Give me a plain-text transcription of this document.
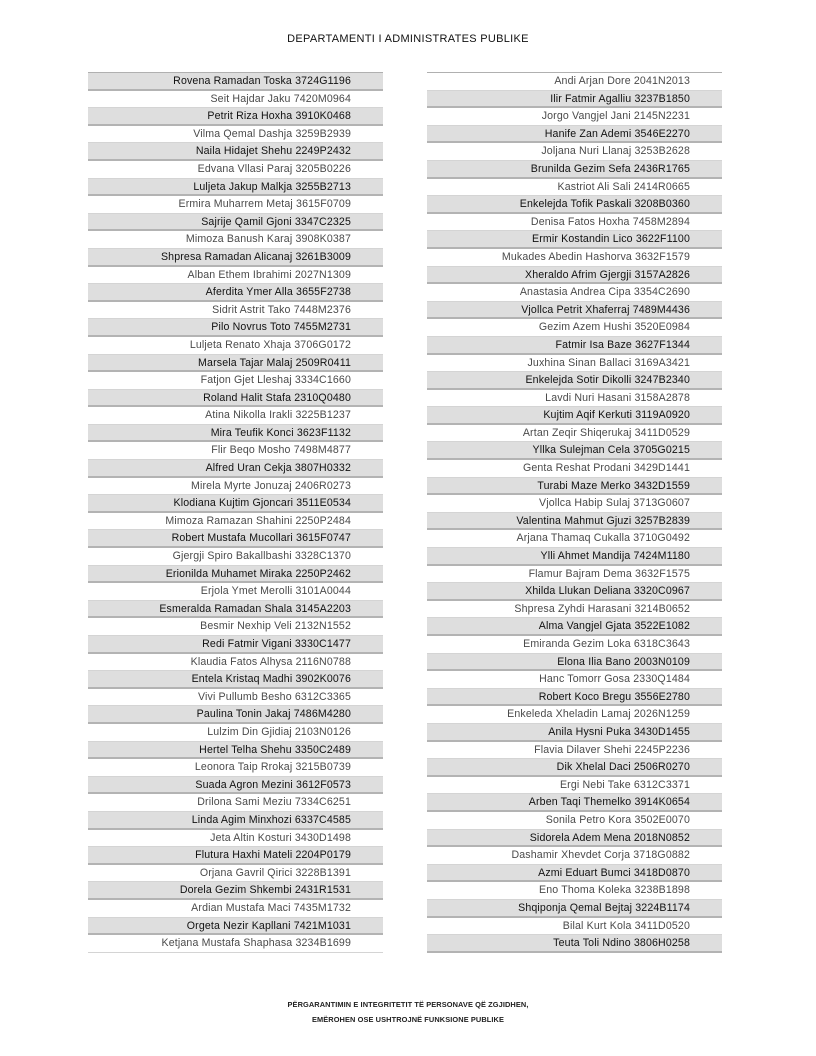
DEPARTAMENTI I ADMINISTRATES PUBLIKE
Rovena Ramadan Toska 3724G1196
Seit Hajdar Jaku 7420M0964
Petrit Riza Hoxha 3910K0468
Vilma Qemal Dashja 3259B2939
Naila Hidajet Shehu 2249P2432
Edvana Vllasi Paraj 3205B0226
Luljeta Jakup Malkja 3255B2713
Ermira Muharrem Metaj 3615F0709
Sajrije Qamil Gjoni 3347C2325
Mimoza Banush Karaj 3908K0387
Shpresa Ramadan Alicanaj 3261B3009
Alban Ethem Ibrahimi 2027N1309
Aferdita Ymer Alla 3655F2738
Sidrit Astrit Tako 7448M2376
Pilo Novrus Toto 7455M2731
Luljeta Renato Xhaja 3706G0172
Marsela Tajar Malaj 2509R0411
Fatjon Gjet Lleshaj 3334C1660
Roland Halit Stafa 2310Q0480
Atina Nikolla Irakli 3225B1237
Mira Teufik Konci 3623F1132
Flir Beqo Mosho 7498M4877
Alfred Uran Cekja 3807H0332
Mirela Myrte Jonuzaj 2406R0273
Klodiana Kujtim Gjoncari 3511E0534
Mimoza Ramazan Shahini 2250P2484
Robert Mustafa Mucollari 3615F0747
Gjergji Spiro Bakallbashi 3328C1370
Erionilda Muhamet Miraka 2250P2462
Erjola Ymet Merolli 3101A0044
Esmeralda Ramadan Shala 3145A2203
Besmir Nexhip Veli 2132N1552
Redi Fatmir Vigani 3330C1477
Klaudia Fatos Alhysa 2116N0788
Entela Kristaq Madhi 3902K0076
Vivi Pullumb Besho 6312C3365
Paulina Tonin Jakaj 7486M4280
Lulzim Din Gjidiaj 2103N0126
Hertel Telha Shehu 3350C2489
Leonora Taip Rrokaj 3215B0739
Suada Agron Mezini 3612F0573
Drilona Sami Meziu 7334C6251
Linda Agim Minxhozi 6337C4585
Jeta Altin Kosturi 3430D1498
Flutura Haxhi Mateli 2204P0179
Orjana Gavril Qirici 3228B1391
Dorela Gezim Shkembi 2431R1531
Ardian Mustafa Maci 7435M1732
Orgeta Nezir Kapllani 7421M1031
Ketjana Mustafa Shaphasa 3234B1699
Andi Arjan Dore 2041N2013
Ilir Fatmir Agalliu 3237B1850
Jorgo Vangjel Jani 2145N2231
Hanife Zan Ademi 3546E2270
Joljana Nuri Llanaj 3253B2628
Brunilda Gezim Sefa 2436R1765
Kastriot Ali Sali 2414R0665
Enkelejda Tofik Paskali 3208B0360
Denisa Fatos Hoxha 7458M2894
Ermir Kostandin Lico 3622F1100
Mukades Abedin Hashorva 3632F1579
Xheraldo Afrim Gjergji 3157A2826
Anastasia Andrea Cipa 3354C2690
Vjollca Petrit Xhaferraj 7489M4436
Gezim Azem Hushi 3520E0984
Fatmir Isa Baze 3627F1344
Juxhina Sinan Ballaci 3169A3421
Enkelejda Sotir Dikolli 3247B2340
Lavdi Nuri Hasani 3158A2878
Kujtim Aqif Kerkuti 3119A0920
Artan Zeqir Shiqerukaj 3411D0529
Yllka Sulejman Cela 3705G0215
Genta Reshat Prodani 3429D1441
Turabi Maze Merko 3432D1559
Vjollca Habip Sulaj 3713G0607
Valentina Mahmut Gjuzi 3257B2839
Arjana Thamaq Cukalla 3710G0492
Ylli Ahmet Mandija 7424M1180
Flamur Bajram Dema 3632F1575
Xhilda Llukan Deliana 3320C0967
Shpresa Zyhdi Harasani 3214B0652
Alma Vangjel Gjata 3522E1082
Emiranda Gezim Loka 6318C3643
Elona Ilia Bano 2003N0109
Hanc Tomorr Gosa 2330Q1484
Robert Koco Bregu 3556E2780
Enkeleda Xheladin Lamaj 2026N1259
Anila Hysni Puka 3430D1455
Flavia Dilaver Shehi 2245P2236
Dik Xhelal Daci 2506R0270
Ergi Nebi Take 6312C3371
Arben Taqi Themelko 3914K0654
Sonila Petro Kora 3502E0070
Sidorela Adem Mena 2018N0852
Dashamir Xhevdet Corja 3718G0882
Azmi Eduart Bumci 3418D0870
Eno Thoma Koleka 3238B1898
Shqiponja Qemal Bejtaj 3224B1174
Bilal Kurt Kola 3411D0520
Teuta Toli Ndino 3806H0258
PËRGARANTIMIN E INTEGRITETIT TË PERSONAVE QË ZGJIDHEN,
EMËROHEN OSE USHTROJNË FUNKSIONE PUBLIKE
